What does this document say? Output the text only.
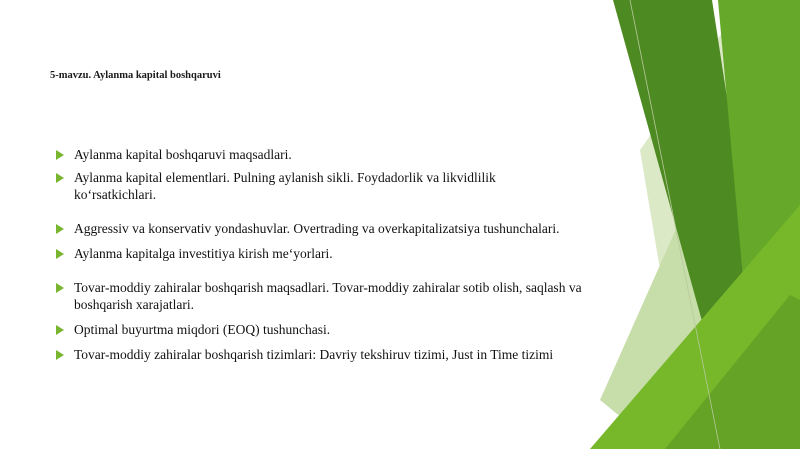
5-mavzu. Aylanma kapital boshqaruvi
Aylanma kapital boshqaruvi maqsadlari.
Aylanma kapital elementlari. Pulning aylanish sikli. Foydadorlik va likvidlilik ko‘rsatkichlari.
Aggressiv va konservativ yondashuvlar. Overtrading va overkapitalizatsiya tushunchalari.
Aylanma kapitalga investitiya kirish me‘yorlari.
Tovar-moddiy zahiralar boshqarish maqsadlari. Tovar-moddiy zahiralar sotib olish, saqlash va boshqarish xarajatlari.
Optimal buyurtma miqdori (EOQ) tushunchasi.
Tovar-moddiy zahiralar boshqarish tizimlari: Davriy tekshiruv tizimi, Just in Time tizimi
